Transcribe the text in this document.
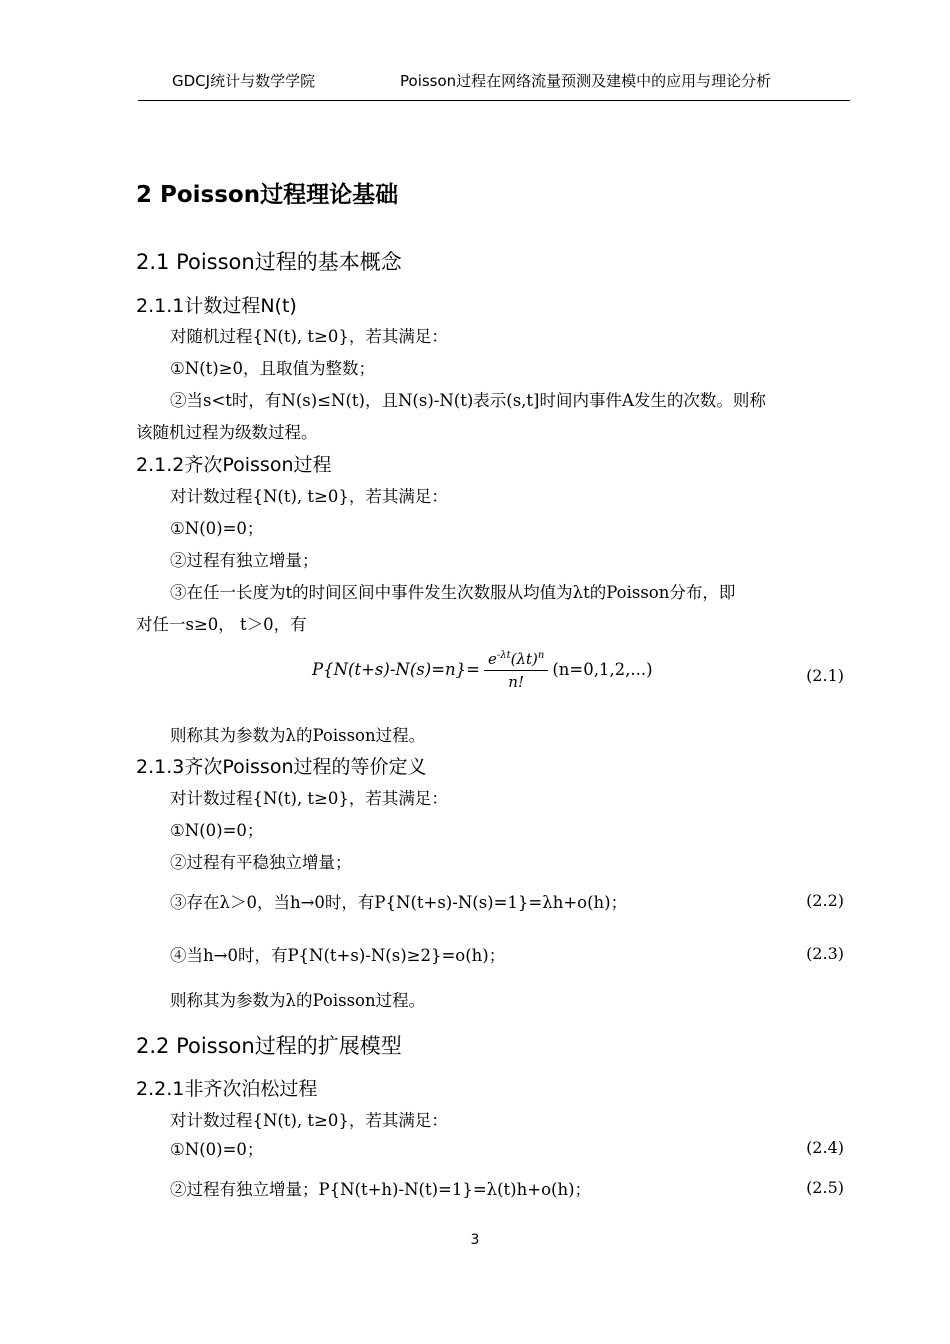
GDCJ统计与数学学院	Poisson过程在网络流量预测及建模中的应用与理论分析
2 Poisson过程理论基础
2.1 Poisson过程的基本概念
2.1.1计数过程N(t)
对随机过程{N(t), t≥0}，若其满足：
①N(t)≥0，且取值为整数；
②当s<t时，有N(s)≤N(t)，且N(s)-N(t)表示(s,t]时间内事件A发生的次数。则称
该随机过程为级数过程。
2.1.2齐次Poisson过程
对计数过程{N(t), t≥0}，若其满足：
①N(0)=0；
②过程有独立增量；
③在任一长度为t的时间区间中事件发生次数服从均值为λt的Poisson分布，即
对任一s≥0， t＞0，有
$P\{N(t+s)-N(s)=n\}= \frac{e^{-\lambda t}(\lambda t)^n}{n!} (n=0,1,2,...)$	(2.1)
则称其为参数为λ的Poisson过程。
2.1.3齐次Poisson过程的等价定义
对计数过程{N(t), t≥0}，若其满足：
①N(0)=0；
②过程有平稳独立增量；
③存在λ＞0，当h→0时，有P{N(t+s)-N(s)=1}=λh+o(h)；	(2.2)
④当h→0时，有P{N(t+s)-N(s)≥2}=o(h)；	(2.3)
则称其为参数为λ的Poisson过程。
2.2 Poisson过程的扩展模型
2.2.1非齐次泊松过程
对计数过程{N(t), t≥0}，若其满足：
①N(0)=0；	(2.4)
②过程有独立增量；P{N(t+h)-N(t)=1}=λ(t)h+o(h)；	(2.5)
3
